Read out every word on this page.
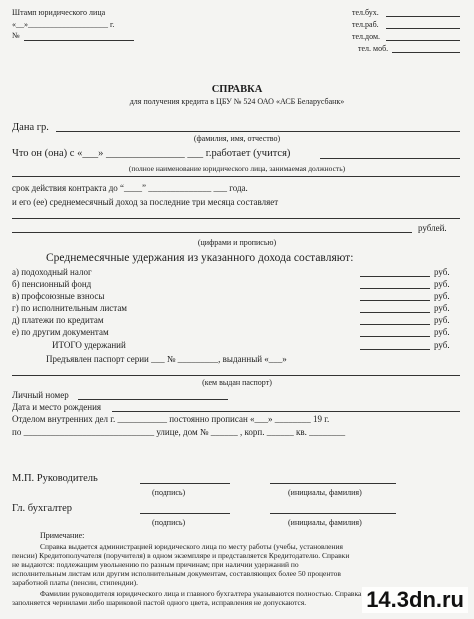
Штамп юридического лица
«__»____________________ г.
№
тел.бух.
тел.раб.
тел.дом.
тел. моб.
СПРАВКА
для получения кредита в ЦБУ № 524 ОАО «АСБ Беларусбанк»
Дана гр.
(фамилия, имя, отчество)
Что он (она) с «___» _______________ ___ г.работает (учится)
(полное наименование юридического лица, занимаемая должность)
срок действия контракта до “____” ______________ ___ года.
и его (ее) среднемесячный доход за последние три месяца составляет
рублей.
(цифрами и прописью)
Среднемесячные удержания из указанного дохода составляют:
а) подоходный налог	руб.
б) пенсионный фонд	руб.
в) профсоюзные взносы	руб.
г) по исполнительным листам	руб.
д) платежи по кредитам	руб.
е) по другим документам	руб.
ИТОГО удержаний	руб.
Предъявлен паспорт серии ___ № _________, выданный «___»
(кем выдан паспорт)
Личный номер
Дата и место рождения
Отделом внутренних дел г. ___________ постоянно прописан «___» ________ 19 г.
по _____________________________ улице, дом № ______ , корп. ______ кв. ________
М.П. Руководитель
(подпись)	(инициалы, фамилия)
Гл. бухгалтер
(подпись)	(инициалы, фамилия)
Примечание:
Справка выдается администрацией юридического лица по месту работы (учебы, установления
пенсии) Кредитополучателя (поручителя) в одном экземпляре и представляется Кредитодателю. Справки
не выдаются: подлежащим увольнению по разным причинам; при наличии удержаний по
исполнительным листам или другим исполнительным документам, составляющих более 50 процентов
заработной платы (пенсии, стипендии).
Фамилии руководителя юридического лица и главного бухгалтера указываются полностью. Справка
заполняется чернилами либо шариковой пастой одного цвета, исправления не допускаются.	14.3dn.ru
